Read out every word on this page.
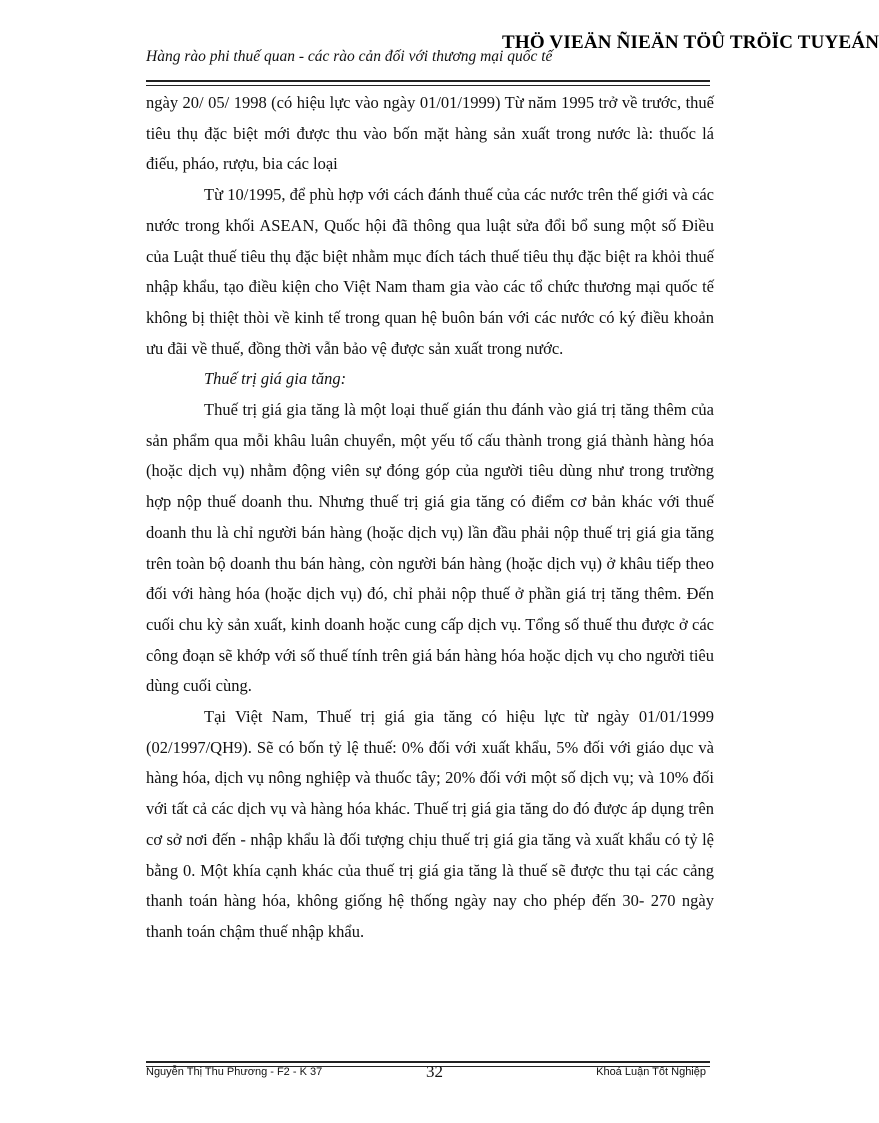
Hàng rào phi thuế quan - các rào cản đối với thương mại quốc tế
THÖ VIEÄN ÑIEÄN TÖÛ TRÖÏC TUYEÁN

ngày 20/ 05/ 1998 (có hiệu lực vào ngày 01/01/1999) Từ năm 1995 trở về trước, thuế tiêu thụ đặc biệt mới được thu vào bốn mặt hàng sản xuất trong nước là: thuốc lá điếu, pháo, rượu, bia các loại

Từ 10/1995, để phù hợp với cách đánh thuế của các nước trên thế giới và các nước trong khối ASEAN, Quốc hội đã thông qua luật sửa đổi bổ sung một số Điều của Luật thuế tiêu thụ đặc biệt nhằm mục đích tách thuế tiêu thụ đặc biệt ra khỏi thuế nhập khẩu, tạo điều kiện cho Việt Nam tham gia vào các tổ chức thương mại quốc tế không bị thiệt thòi về kinh tế trong quan hệ buôn bán với các nước có ký điều khoản ưu đãi về thuế, đồng thời vẫn bảo vệ được sản xuất trong nước.

Thuế trị giá gia tăng:

Thuế trị giá gia tăng là một loại thuế gián thu đánh vào giá trị tăng thêm của sản phẩm qua mỗi khâu luân chuyển, một yếu tố cấu thành trong giá thành hàng hóa (hoặc dịch vụ) nhằm động viên sự đóng góp của người tiêu dùng như trong trường hợp nộp thuế doanh thu. Nhưng thuế trị giá gia tăng có điểm cơ bản khác với thuế doanh thu là chỉ người bán hàng (hoặc dịch vụ) lần đầu phải nộp thuế trị giá gia tăng trên toàn bộ doanh thu bán hàng, còn người bán hàng (hoặc dịch vụ) ở khâu tiếp theo đối với hàng hóa (hoặc dịch vụ) đó, chỉ phải nộp thuế ở phần giá trị tăng thêm. Đến cuối chu kỳ sản xuất, kinh doanh hoặc cung cấp dịch vụ. Tổng số thuế thu được ở các công đoạn sẽ khớp với số thuế tính trên giá bán hàng hóa hoặc dịch vụ cho người tiêu dùng cuối cùng.

Tại Việt Nam, Thuế trị giá gia tăng có hiệu lực từ ngày 01/01/1999 (02/1997/QH9). Sẽ có bốn tỷ lệ thuế: 0% đối với xuất khẩu, 5% đối với giáo dục và hàng hóa, dịch vụ nông nghiệp và thuốc tây; 20% đối với một số dịch vụ; và 10% đối với tất cả các dịch vụ và hàng hóa khác. Thuế trị giá gia tăng do đó được áp dụng trên cơ sở nơi đến - nhập khẩu là đối tượng chịu thuế trị giá gia tăng và xuất khẩu có tỷ lệ bằng 0. Một khía cạnh khác của thuế trị giá gia tăng là thuế sẽ được thu tại các cảng thanh toán hàng hóa, không giống hệ thống ngày nay cho phép đến 30- 270 ngày thanh toán chậm thuế nhập khẩu.

Nguyễn Thị Thu Phương - F2 - K 37	32	Khoá Luận Tốt Nghiệp
